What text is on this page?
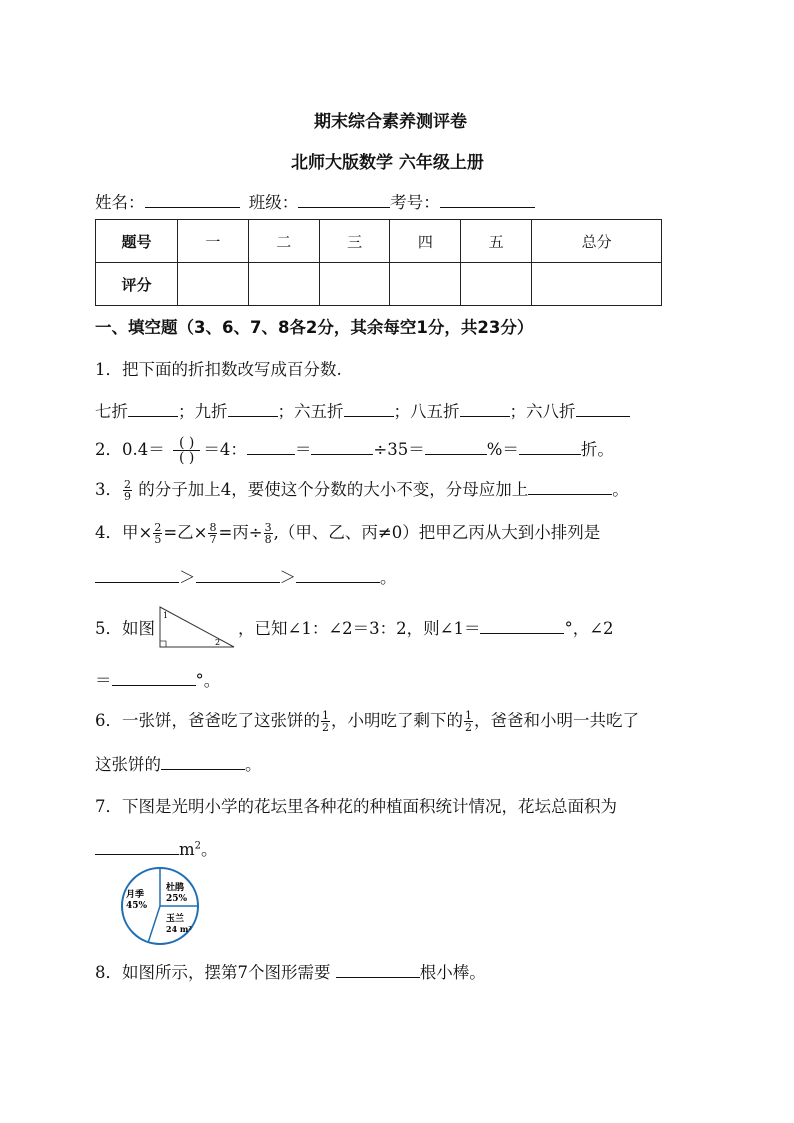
期末综合素养测评卷
北师大版数学 六年级上册
姓名：	班级：	考号：
题号	一	二	三	四	五	总分
评分						
一、填空题（3、6、7、8各2分，其余每空1分，共23分）
1．把下面的折扣数改写成百分数.
七折	；九折	；六五折	；八五折	；六八折
2．$0.4= \frac{( )}{( )} =4$：	＝	÷35＝	%＝	折。
3． $\frac{2}{9}$ 的分子加上4，要使这个分数的大小不变，分母应加上	。
4．甲× $\frac{2}{5}$ =乙× $\frac{8}{7}$ =丙÷ $\frac{3}{8}$ ,（甲、乙、丙≠0）把甲乙丙从大到小排列是
＞	＞	。
5．如图
1
2
，已知∠1：∠2＝3：2，则∠1＝	°，∠2
＝	°。
6．一张饼，爸爸吃了这张饼的 $\frac{1}{2}$ ，小明吃了剩下的 $\frac{1}{2}$ ，爸爸和小明一共吃了
这张饼的	。
7．下图是光明小学的花坛里各种花的种植面积统计情况，花坛总面积为
$m^2$。
月季
45%
杜鹃
25%
玉兰
24 m²
8．如图所示，摆第7个图形需要	根小棒。
